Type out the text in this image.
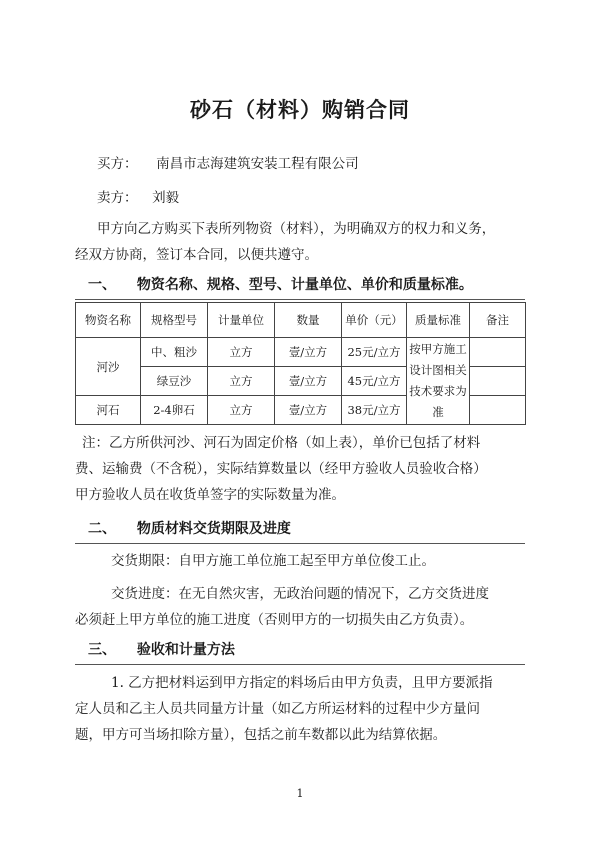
砂石（材料）购销合同
买方： 南昌市志海建筑安装工程有限公司
卖方： 刘毅
甲方向乙方购买下表所列物资（材料），为明确双方的权力和义务，
经双方协商，签订本合同，以便共遵守。
一、 物资名称、规格、型号、计量单位、单价和质量标准。
物资名称	规格型号	计量单位	数量	单价（元）	质量标准	备注
河沙	中、粗沙	立方	壹/立方	25元/立方	按甲方施工设计图相关技术要求为准	
	绿豆沙	立方	壹/立方	45元/立方		
河石	2-4卵石	立方	壹/立方	38元/立方		
注：乙方所供河沙、河石为固定价格（如上表），单价已包括了材料
费、运输费（不含税），实际结算数量以（经甲方验收人员验收合格）
甲方验收人员在收货单签字的实际数量为准。
二、 物质材料交货期限及进度
交货期限：自甲方施工单位施工起至甲方单位俊工止。
交货进度：在无自然灾害，无政治问题的情况下，乙方交货进度
必须赶上甲方单位的施工进度（否则甲方的一切损失由乙方负责）。
三、 验收和计量方法
1. 乙方把材料运到甲方指定的料场后由甲方负责，且甲方要派指
定人员和乙主人员共同量方计量（如乙方所运材料的过程中少方量问
题，甲方可当场扣除方量），包括之前车数都以此为结算依据。
1
